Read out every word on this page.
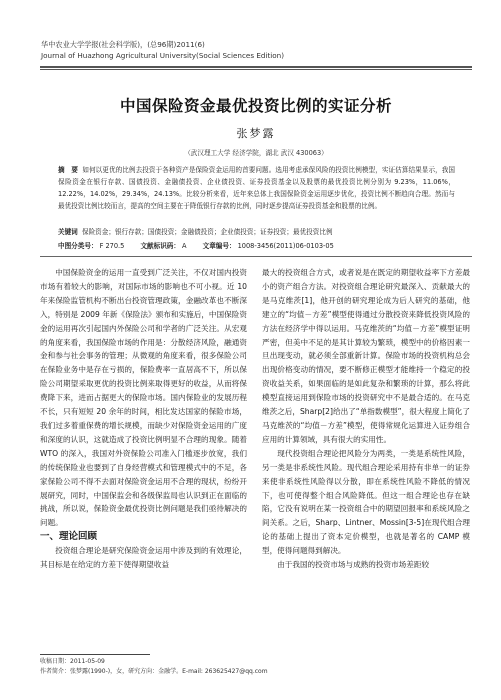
华中农业大学学报(社会科学版)，(总96期)2011(6)
Journal of Huazhong Agricultural University(Social Sciences Edition)
中国保险资金最优投资比例的实证分析
张梦露
（武汉理工大学 经济学院，湖北 武汉 430063）
摘　要 如何以更优的比例去投资于各种资产是保险资金运用的首要问题。选用考虑承保风险的投资比例模型，实证估算结果显示，我国保险资金在银行存款、国债投资、金融债投资、企业债投资、证券投资基金以及股票的最优投资比例分别为 9.23%，11.06%，12.22%，14.02%，29.34%，24.13%。比较分析来看，近年来总体上我国保险资金运用逐步优化，投资比例不断趋向合理。然而与最优投资比例比较而言，提高的空间主要在于降低银行存款的比例，同时逐步提高证券投资基金和股票的比例。
关键词 保险资金；银行存款；国债投资；金融债投资；企业债投资；证券投资；最优投资比例
中图分类号： F 270.5 文献标识码： A 文章编号： 1008-3456(2011)06-0103-05

中国保险资金的运用一直受到广泛关注，不仅对国内投资市场有着较大的影响，对国际市场的影响也不可小视。近 10 年来保险监管机构不断出台投资管理政策，金融改革也不断深入，特别是 2009 年新《保险法》颁布和实施后，中国保险资金的运用再次引起国内外保险公司和学者的广泛关注。从宏观的角度来看，我国保险市场的作用是：分散经济风险，融通资金和参与社会事务的管理；从微观的角度来看，很多保险公司在保险业务中是存在亏损的，保险费率一直居高不下，所以保险公司期望采取更优的投资比例来取得更好的收益，从而将保费降下来，进而占据更大的保险市场。国内保险业的发展历程不长，只有短短 20 余年的时间，相比发达国家的保险市场，我们过多着重保费的增长规模，而缺少对保险资金运用的广度和深度的认识，这就造成了投资比例明显不合理的现象。随着 WTO 的深入，我国对外资保险公司准入门槛逐步放宽，我们的传统保险业也要到了自身经营模式和管理模式中的不足，各家保险公司不得不去面对保险资金运用不合理的现状，纷纷开展研究，同时，中国保监会和各级保监局也认识到正在面临的挑战，所以说，保险资金最优投资比例问题是我们亟待解决的问题。

一、理论回顾

投资组合理论是研究保险资金运用中涉及到的有效理论，其目标是在给定的方差下使得期望收益

最大的投资组合方式，或者说是在既定的期望收益率下方差最小的资产组合方法。对投资组合理论研究最深入、贡献最大的是马克维茨[1]，他开创的研究理论成为后人研究的基础，他建立的“均值－方差”模型使得通过分散投资来降低投资风险的方法在经济学中得以运用。马克维茨的“均值－方差”模型证明严密，但美中不足的是其计算较为繁琐，模型中的价格因素一旦出现变动，就必须全部重新计算。保险市场的投资机构总会出现价格变动的情况，要不断修正模型才能维持一个稳定的投资收益关系，如果面临的是如此复杂和繁琐的计算，那么将此模型直接运用到保险市场的投资研究中不是最合适的。在马克维茨之后，Sharp[2]给出了“单指数模型”，很大程度上简化了马克维茨的“均值－方差”模型，使得常规化运算进入证券组合应用的计算领域，具有很大的实用性。

现代投资组合理论把风险分为两类，一类是系统性风险，另一类是非系统性风险。现代组合理论采用持有非单一的证券来使非系统性风险得以分散，即在系统性风险不降低的情况下，也可使得整个组合风险降低。但这一组合理论也存在缺陷，它没有说明在某一投资组合中的期望回报率和系统风险之间关系。之后，Sharp、Lintner、Mossin[3-5]在现代组合理论的基础上提出了资本定价模型，也就是著名的 CAMP 模型，使得问题得到解决。

由于我国的投资市场与成熟的投资市场差距较

收稿日期：2011-05-09
作者简介：张梦露(1990-)，女，研究方向：金融学。E-mail: 263625427@qq.com
